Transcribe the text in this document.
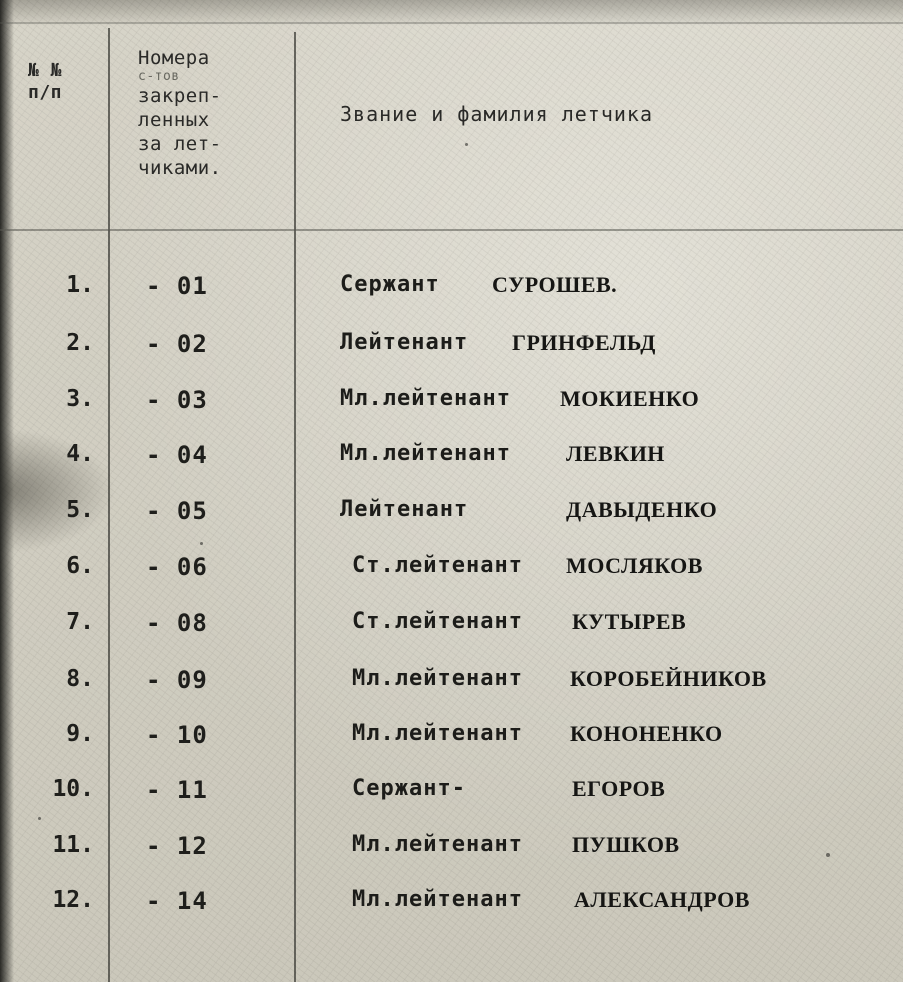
№ №
п/п
Номера
с-тов
закреп-
ленных
за лет-
чиками.
Звание и фамилия летчика
1. - 01	Сержант СУРОШЕВ.
2. - 02	Лейтенант ГРИНФЕЛЬД
3. - 03	Мл.лейтенант МОКИЕНКО
4. - 04	Мл.лейтенант	ЛЕВКИН
5. - 05	Лейтенант	ДАВЫДЕНКО
6. - 06	Ст.лейтенант МОСЛЯКОВ
7. - 08	Ст.лейтенант КУТЫРЕВ
8. - 09	Мл.лейтенант КОРОБЕЙНИКОВ
9. - 10	Мл.лейтенант КОНОНЕНКО
10. - 11	Сержант-	ЕГОРОВ
11. - 12	Мл.лейтенант ПУШКОВ
12. - 14	Мл.лейтенант АЛЕКСАНДРОВ
